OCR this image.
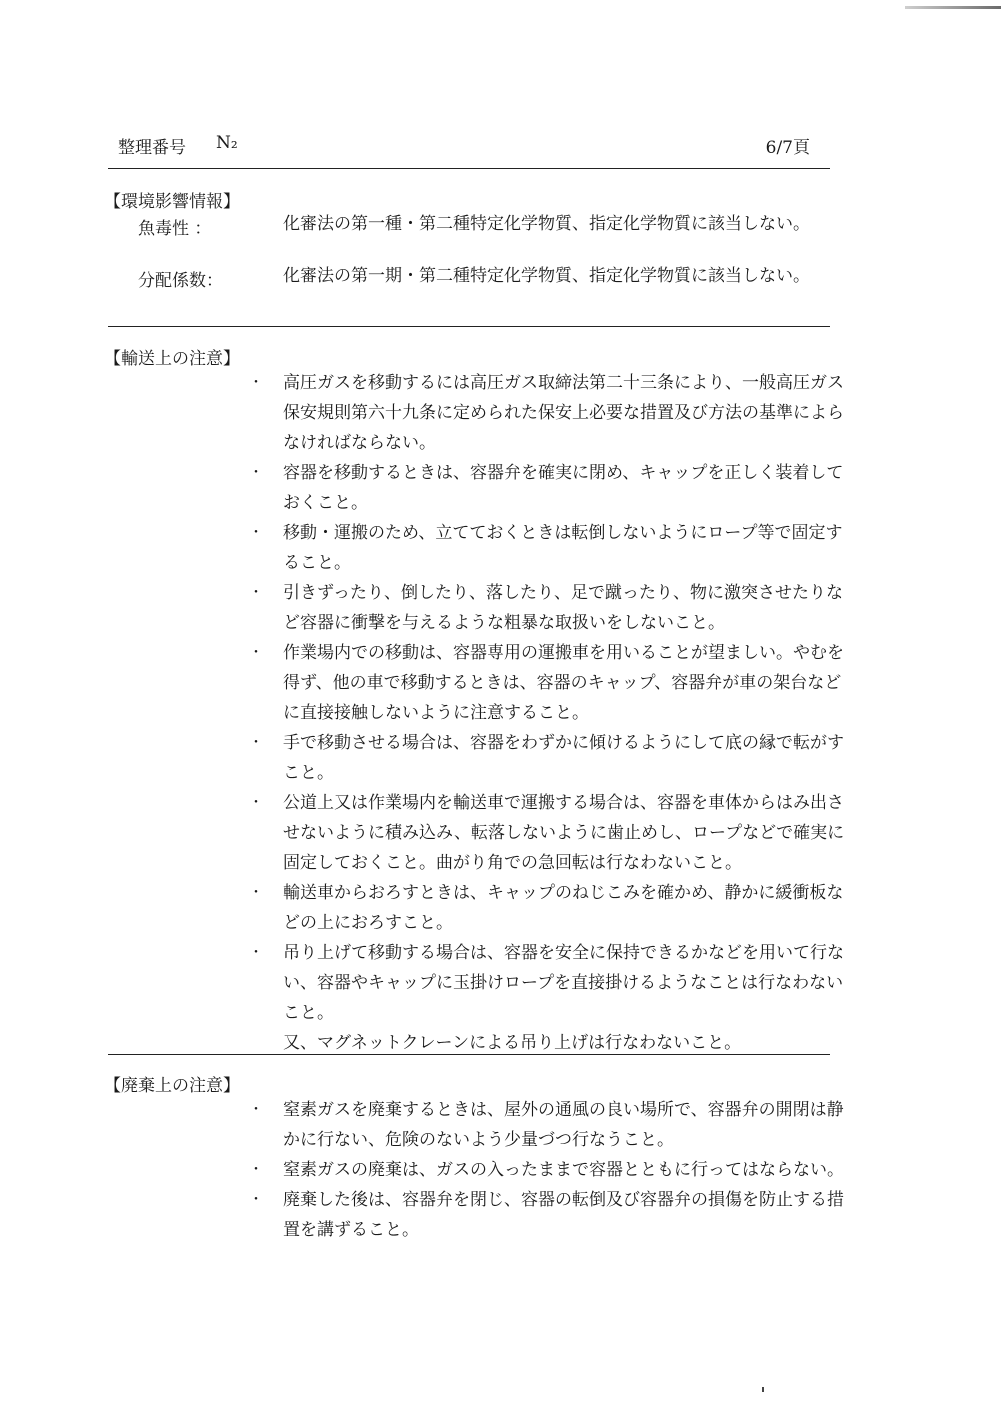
整理番号 N₂	6/7頁
【環境影響情報】
魚毒性 ：	化審法の第一種・第二種特定化学物質、指定化学物質に該当しない。
分配係数：	化審法の第一期・第二種特定化学物質、指定化学物質に該当しない。
【輸送上の注意】
・ 高圧ガスを移動するには高圧ガス取締法第二十三条により、一般高圧ガス保安規則第六十九条に定められた保安上必要な措置及び方法の基準によらなければならない。
・ 容器を移動するときは、容器弁を確実に閉め、キャップを正しく装着しておくこと。
・ 移動・運搬のため、立てておくときは転倒しないようにロープ等で固定すること。
・ 引きずったり、倒したり、落したり、足で蹴ったり、物に激突させたりなど容器に衝撃を与えるような粗暴な取扱いをしないこと。
・ 作業場内での移動は、容器専用の運搬車を用いることが望ましい。やむを得ず、他の車で移動するときは、容器のキャップ、容器弁が車の架台などに直接接触しないように注意すること。
・ 手で移動させる場合は、容器をわずかに傾けるようにして底の縁で転がすこと。
・ 公道上又は作業場内を輸送車で運搬する場合は、容器を車体からはみ出させないように積み込み、転落しないように歯止めし、ロープなどで確実に固定しておくこと。曲がり角での急回転は行なわないこと。
・ 輸送車からおろすときは、キャップのねじこみを確かめ、静かに緩衝板などの上におろすこと。
・ 吊り上げて移動する場合は、容器を安全に保持できるかなどを用いて行ない、容器やキャップに玉掛けロープを直接掛けるようなことは行なわないこと。
又、マグネットクレーンによる吊り上げは行なわないこと。
【廃棄上の注意】
・ 窒素ガスを廃棄するときは、屋外の通風の良い場所で、容器弁の開閉は静かに行ない、危険のないよう少量づつ行なうこと。
・ 窒素ガスの廃棄は、ガスの入ったままで容器とともに行ってはならない。
・ 廃棄した後は、容器弁を閉じ、容器の転倒及び容器弁の損傷を防止する措置を講ずること。
